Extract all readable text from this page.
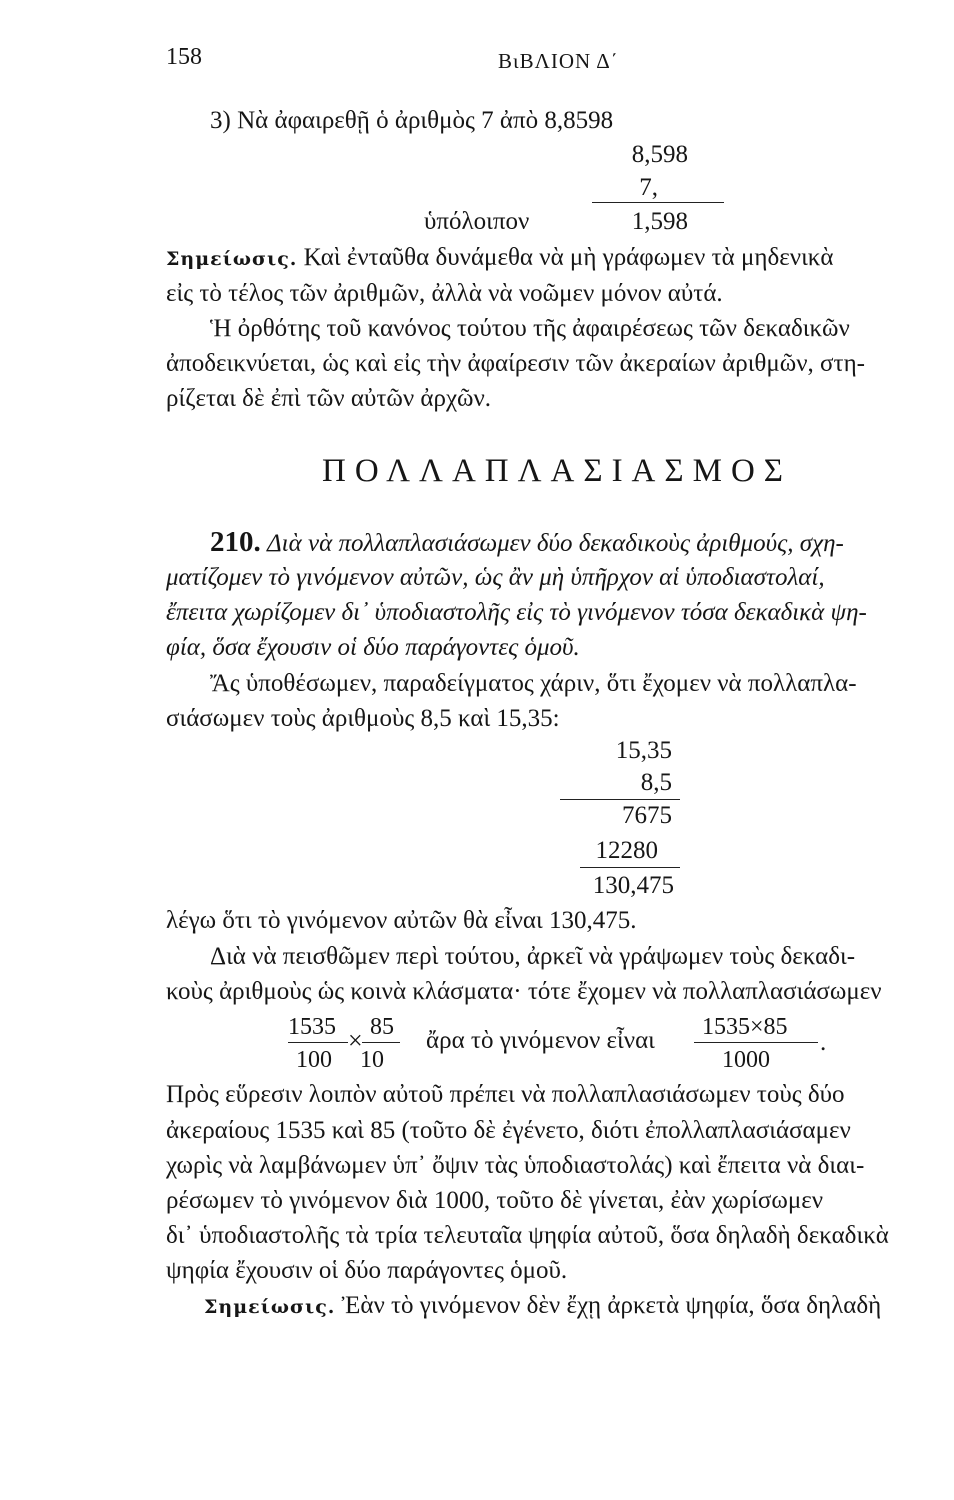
158	ΒιΒΛΙΟΝ Δ΄
3) Νὰ ἀφαιρεθῇ ὁ ἀριθμὸς 7 ἀπὸ 8,8598
8,598
7,
ὑπόλοιπον	1,598
Σημείωσις. Καὶ ἐνταῦθα δυνάμεθα νὰ μὴ γράφωμεν τὰ μηδενικὰ
εἰς τὸ τέλος τῶν ἀριθμῶν, ἀλλὰ νὰ νοῶμεν μόνον αὐτά.
Ἡ ὀρθότης τοῦ κανόνος τούτου τῆς ἀφαιρέσεως τῶν δεκαδικῶν
ἀποδεικνύεται, ὡς καὶ εἰς τὴν ἀφαίρεσιν τῶν ἀκεραίων ἀριθμῶν, στη-
ρίζεται δὲ ἐπὶ τῶν αὐτῶν ἀρχῶν.
ΠΟΛΛΑΠΛΑΣΙΑΣΜΟΣ
210. Διὰ νὰ πολλαπλασιάσωμεν δύο δεκαδικοὺς ἀριθμούς, σχη-
ματίζομεν τὸ γινόμενον αὐτῶν, ὡς ἂν μὴ ὑπῆρχον αἱ ὑποδιαστολαί,
ἔπειτα χωρίζομεν δι᾽ ὑποδιαστολῆς εἰς τὸ γινόμενον τόσα δεκαδικὰ ψη-
φία, ὅσα ἔχουσιν οἱ δύο παράγοντες ὁμοῦ.
Ἄς ὑποθέσωμεν, παραδείγματος χάριν, ὅτι ἔχομεν νὰ πολλαπλα-
σιάσωμεν τοὺς ἀριθμοὺς 8,5 καὶ 15,35:
15,35
8,5
7675
12280
130,475
λέγω ὅτι τὸ γινόμενον αὐτῶν θὰ εἶναι 130,475.
Διὰ νὰ πεισθῶμεν περὶ τούτου, ἀρκεῖ νὰ γράψωμεν τοὺς δεκαδι-
κοὺς ἀριθμοὺς ὡς κοινὰ κλάσματα· τότε ἔχομεν νὰ πολλαπλασιάσωμεν
1535
100
× 85
10
ἄρα τὸ γινόμενον εἶναι 1535×85
1000
.
Πρὸς εὕρεσιν λοιπὸν αὐτοῦ πρέπει νὰ πολλαπλασιάσωμεν τοὺς δύο
ἀκεραίους 1535 καὶ 85 (τοῦτο δὲ ἐγένετο, διότι ἐπολλαπλασιάσαμεν
χωρὶς νὰ λαμβάνωμεν ὑπ᾽ ὄψιν τὰς ὑποδιαστολάς) καὶ ἔπειτα νὰ διαι-
ρέσωμεν τὸ γινόμενον διὰ 1000, τοῦτο δὲ γίνεται, ἐὰν χωρίσωμεν
δι᾽ ὑποδιαστολῆς τὰ τρία τελευταῖα ψηφία αὐτοῦ, ὅσα δηλαδὴ δεκαδικὰ
ψηφία ἔχουσιν οἱ δύο παράγοντες ὁμοῦ.
Σημείωσις. Ἐὰν τὸ γινόμενον δὲν ἔχῃ ἀρκετὰ ψηφία, ὅσα δηλαδὴ
